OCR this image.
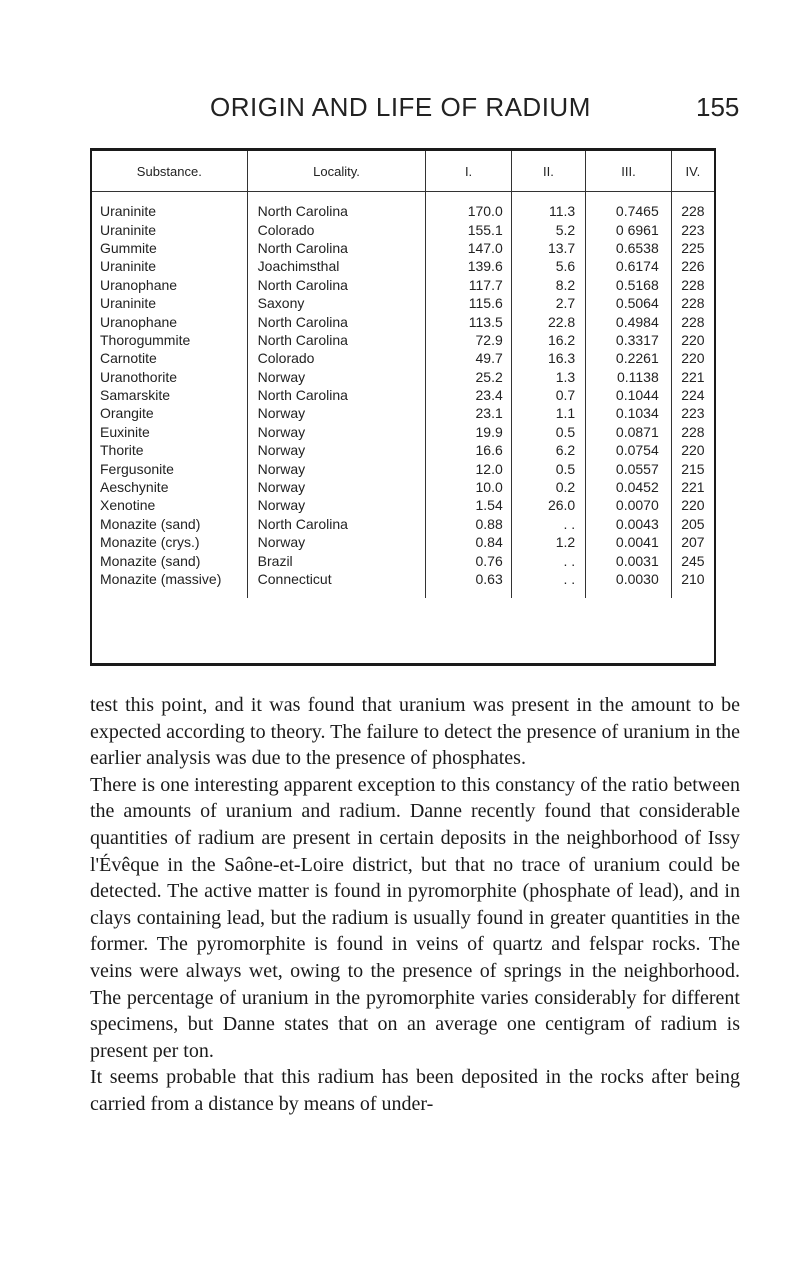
ORIGIN AND LIFE OF RADIUM	155
Substance.	Locality.	I.	II.	III.	IV.
Uraninite	North Carolina	170.0	11.3	0.7465	228
Uraninite	Colorado	155.1	5.2	0 6961	223
Gummite	North Carolina	147.0	13.7	0.6538	225
Uraninite	Joachimsthal	139.6	5.6	0.6174	226
Uranophane	North Carolina	117.7	8.2	0.5168	228
Uraninite	Saxony	115.6	2.7	0.5064	228
Uranophane	North Carolina	113.5	22.8	0.4984	228
Thorogummite	North Carolina	72.9	16.2	0.3317	220
Carnotite	Colorado	49.7	16.3	0.2261	220
Uranothorite	Norway	25.2	1.3	0.1138	221
Samarskite	North Carolina	23.4	0.7	0.1044	224
Orangite	Norway	23.1	1.1	0.1034	223
Euxinite	Norway	19.9	0.5	0.0871	228
Thorite	Norway	16.6	6.2	0.0754	220
Fergusonite	Norway	12.0	0.5	0.0557	215
Aeschynite	Norway	10.0	0.2	0.0452	221
Xenotine	Norway	1.54	26.0	0.0070	220
Monazite (sand)	North Carolina	0.88	. .	0.0043	205
Monazite (crys.)	Norway	0.84	1.2	0.0041	207
Monazite (sand)	Brazil	0.76	. .	0.0031	245
Monazite (massive)	Connecticut	0.63	. .	0.0030	210

test this point, and it was found that uranium was present in the amount to be expected according to theory. The failure to detect the presence of uranium in the earlier analysis was due to the presence of phosphates.

There is one interesting apparent exception to this constancy of the ratio between the amounts of uranium and radium. Danne recently found that considerable quantities of radium are present in certain deposits in the neighborhood of Issy l'Évêque in the Saône-et-Loire district, but that no trace of uranium could be detected. The active matter is found in pyromorphite (phosphate of lead), and in clays containing lead, but the radium is usually found in greater quantities in the former. The pyromorphite is found in veins of quartz and felspar rocks. The veins were always wet, owing to the presence of springs in the neighborhood. The percentage of uranium in the pyromorphite varies considerably for different specimens, but Danne states that on an average one centigram of radium is present per ton.

It seems probable that this radium has been deposited in the rocks after being carried from a distance by means of under-
